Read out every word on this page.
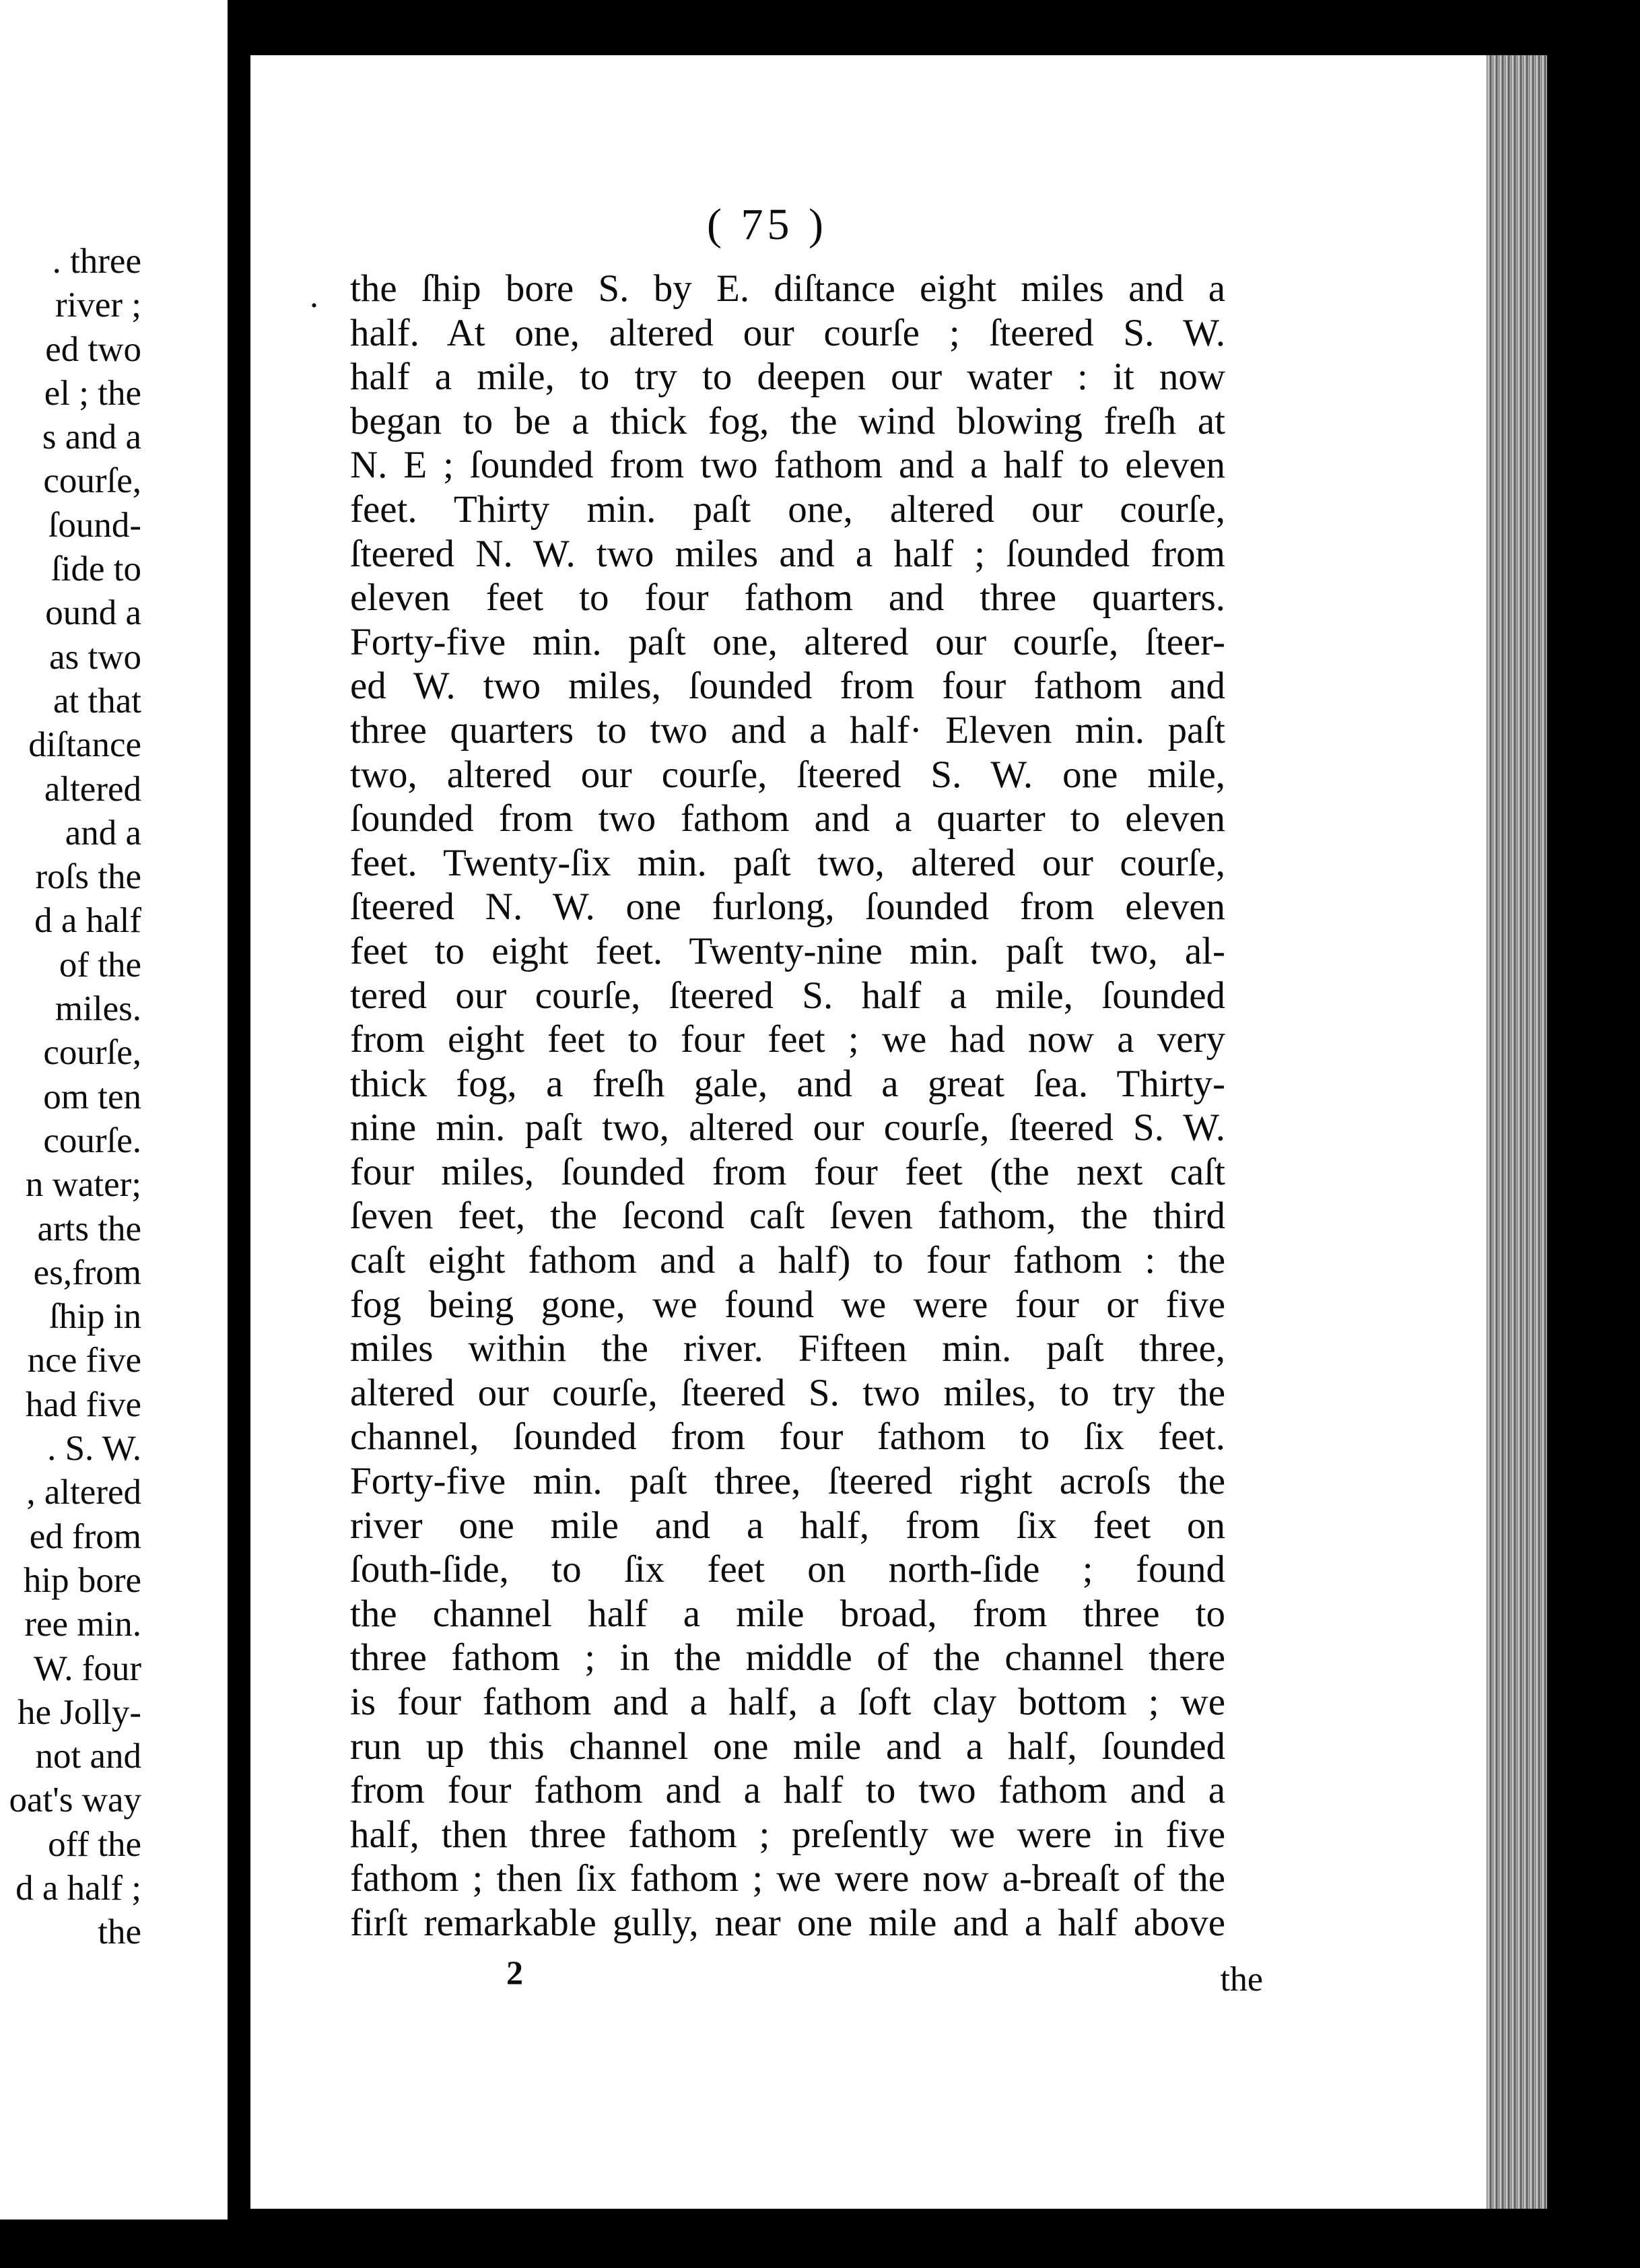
. three
river ;
ed two
el ; the
s and a
courſe,
ſound-
ſide to
ound a
as two
at that
diſtance
altered
and a
roſs the
d a half
of the
miles.
courſe,
om ten
courſe.
n water;
arts the
es,from
ſhip in
nce five
had five
. S. W.
, altered
ed from
hip bore
ree min.
W. four
he Jolly-
not and
oat's way
off the
d a half ;
the
.
( 75 )
the ſhip bore S. by E. diſtance eight miles and a
half. At one, altered our courſe ; ſteered S. W.
half a mile, to try to deepen our water : it now
began to be a thick fog, the wind blowing freſh at
N. E ; ſounded from two fathom and a half to eleven
feet. Thirty min. paſt one, altered our courſe,
ſteered N. W. two miles and a half ; ſounded from
eleven feet to four fathom and three quarters.
Forty-five min. paſt one, altered our courſe, ſteer-
ed W. two miles, ſounded from four fathom and
three quarters to two and a half· Eleven min. paſt
two, altered our courſe, ſteered S. W. one mile,
ſounded from two fathom and a quarter to eleven
feet. Twenty-ſix min. paſt two, altered our courſe,
ſteered N. W. one furlong, ſounded from eleven
feet to eight feet. Twenty-nine min. paſt two, al-
tered our courſe, ſteered S. half a mile, ſounded
from eight feet to four feet ; we had now a very
thick fog, a freſh gale, and a great ſea. Thirty-
nine min. paſt two, altered our courſe, ſteered S. W.
four miles, ſounded from four feet (the next caſt
ſeven feet, the ſecond caſt ſeven fathom, the third
caſt eight fathom and a half) to four fathom : the
fog being gone, we found we were four or five
miles within the river. Fifteen min. paſt three,
altered our courſe, ſteered S. two miles, to try the
channel, ſounded from four fathom to ſix feet.
Forty-five min. paſt three, ſteered right acroſs the
river one mile and a half, from ſix feet on
ſouth-ſide, to ſix feet on north-ſide ; found
the channel half a mile broad, from three to
three fathom ; in the middle of the channel there
is four fathom and a half, a ſoft clay bottom ; we
run up this channel one mile and a half, ſounded
from four fathom and a half to two fathom and a
half, then three fathom ; preſently we were in five
fathom ; then ſix fathom ; we were now a-breaſt of the
firſt remarkable gully, near one mile and a half above
2	the
